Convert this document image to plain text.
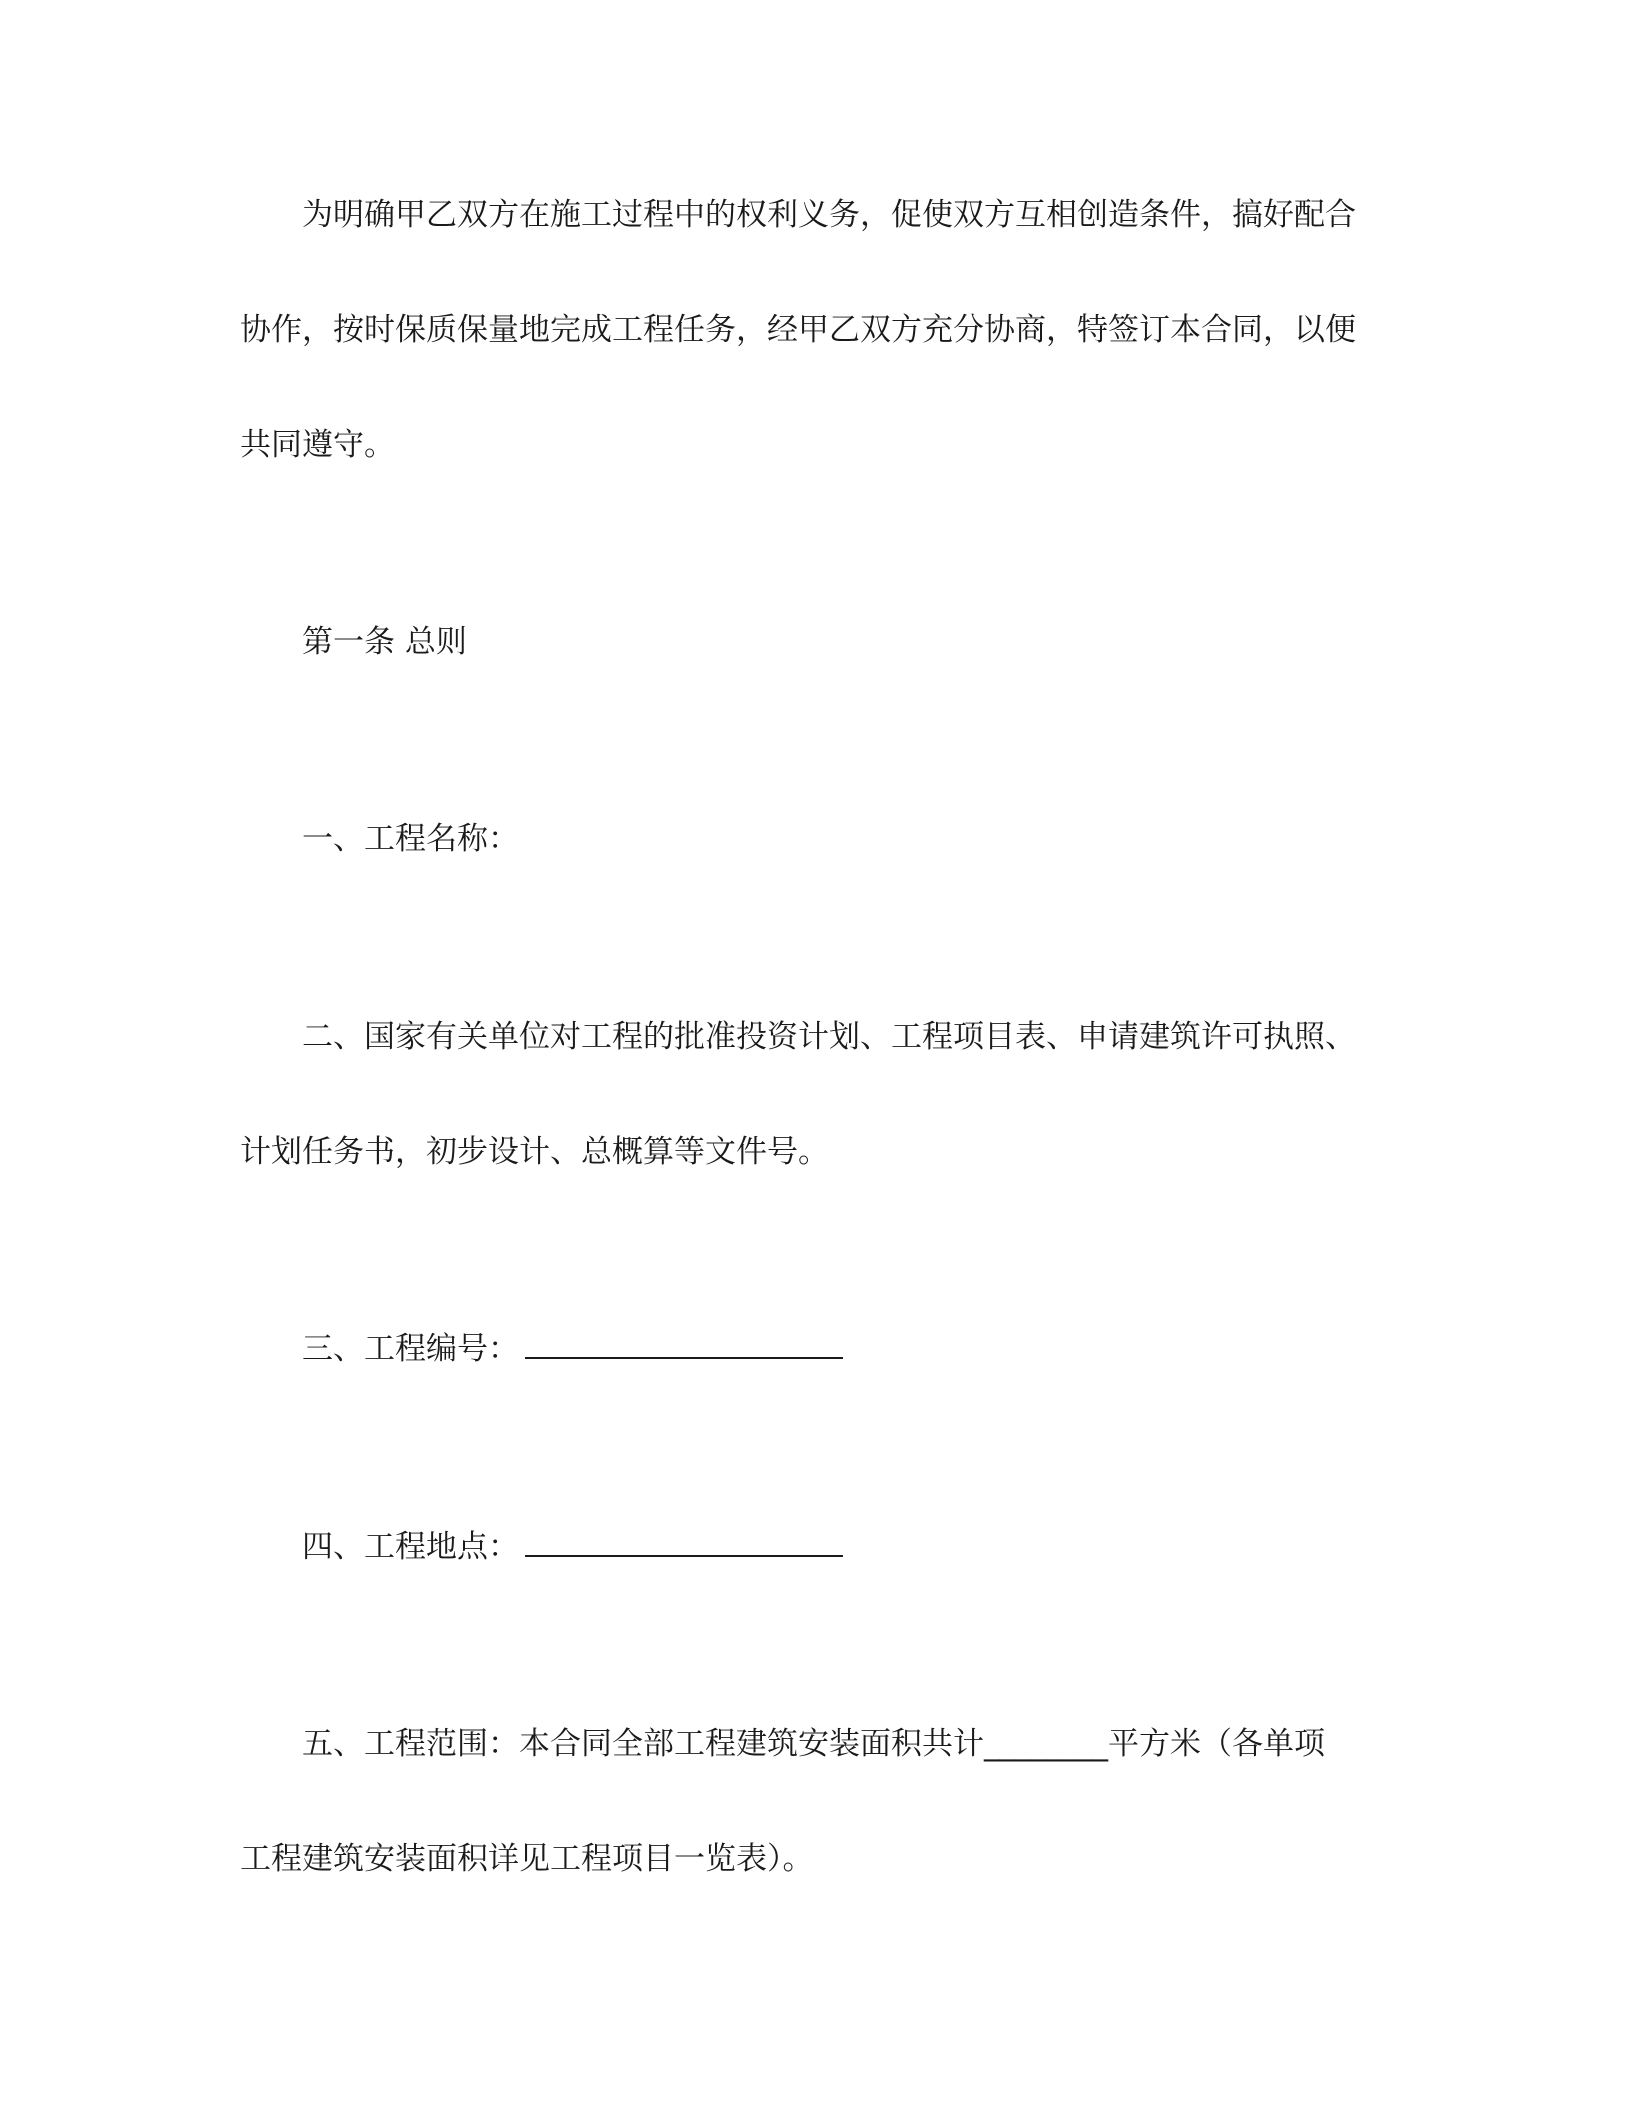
为明确甲乙双方在施工过程中的权利义务，促使双方互相创造条件，搞好配合
协作，按时保质保量地完成工程任务，经甲乙双方充分协商，特签订本合同，以便
共同遵守。
第一条 总则
一、工程名称：
二、国家有关单位对工程的批准投资计划、工程项目表、申请建筑许可执照、
计划任务书，初步设计、总概算等文件号。
三、工程编号：
四、工程地点：
五、工程范围：本合同全部工程建筑安装面积共计________平方米（各单项
工程建筑安装面积详见工程项目一览表）。
